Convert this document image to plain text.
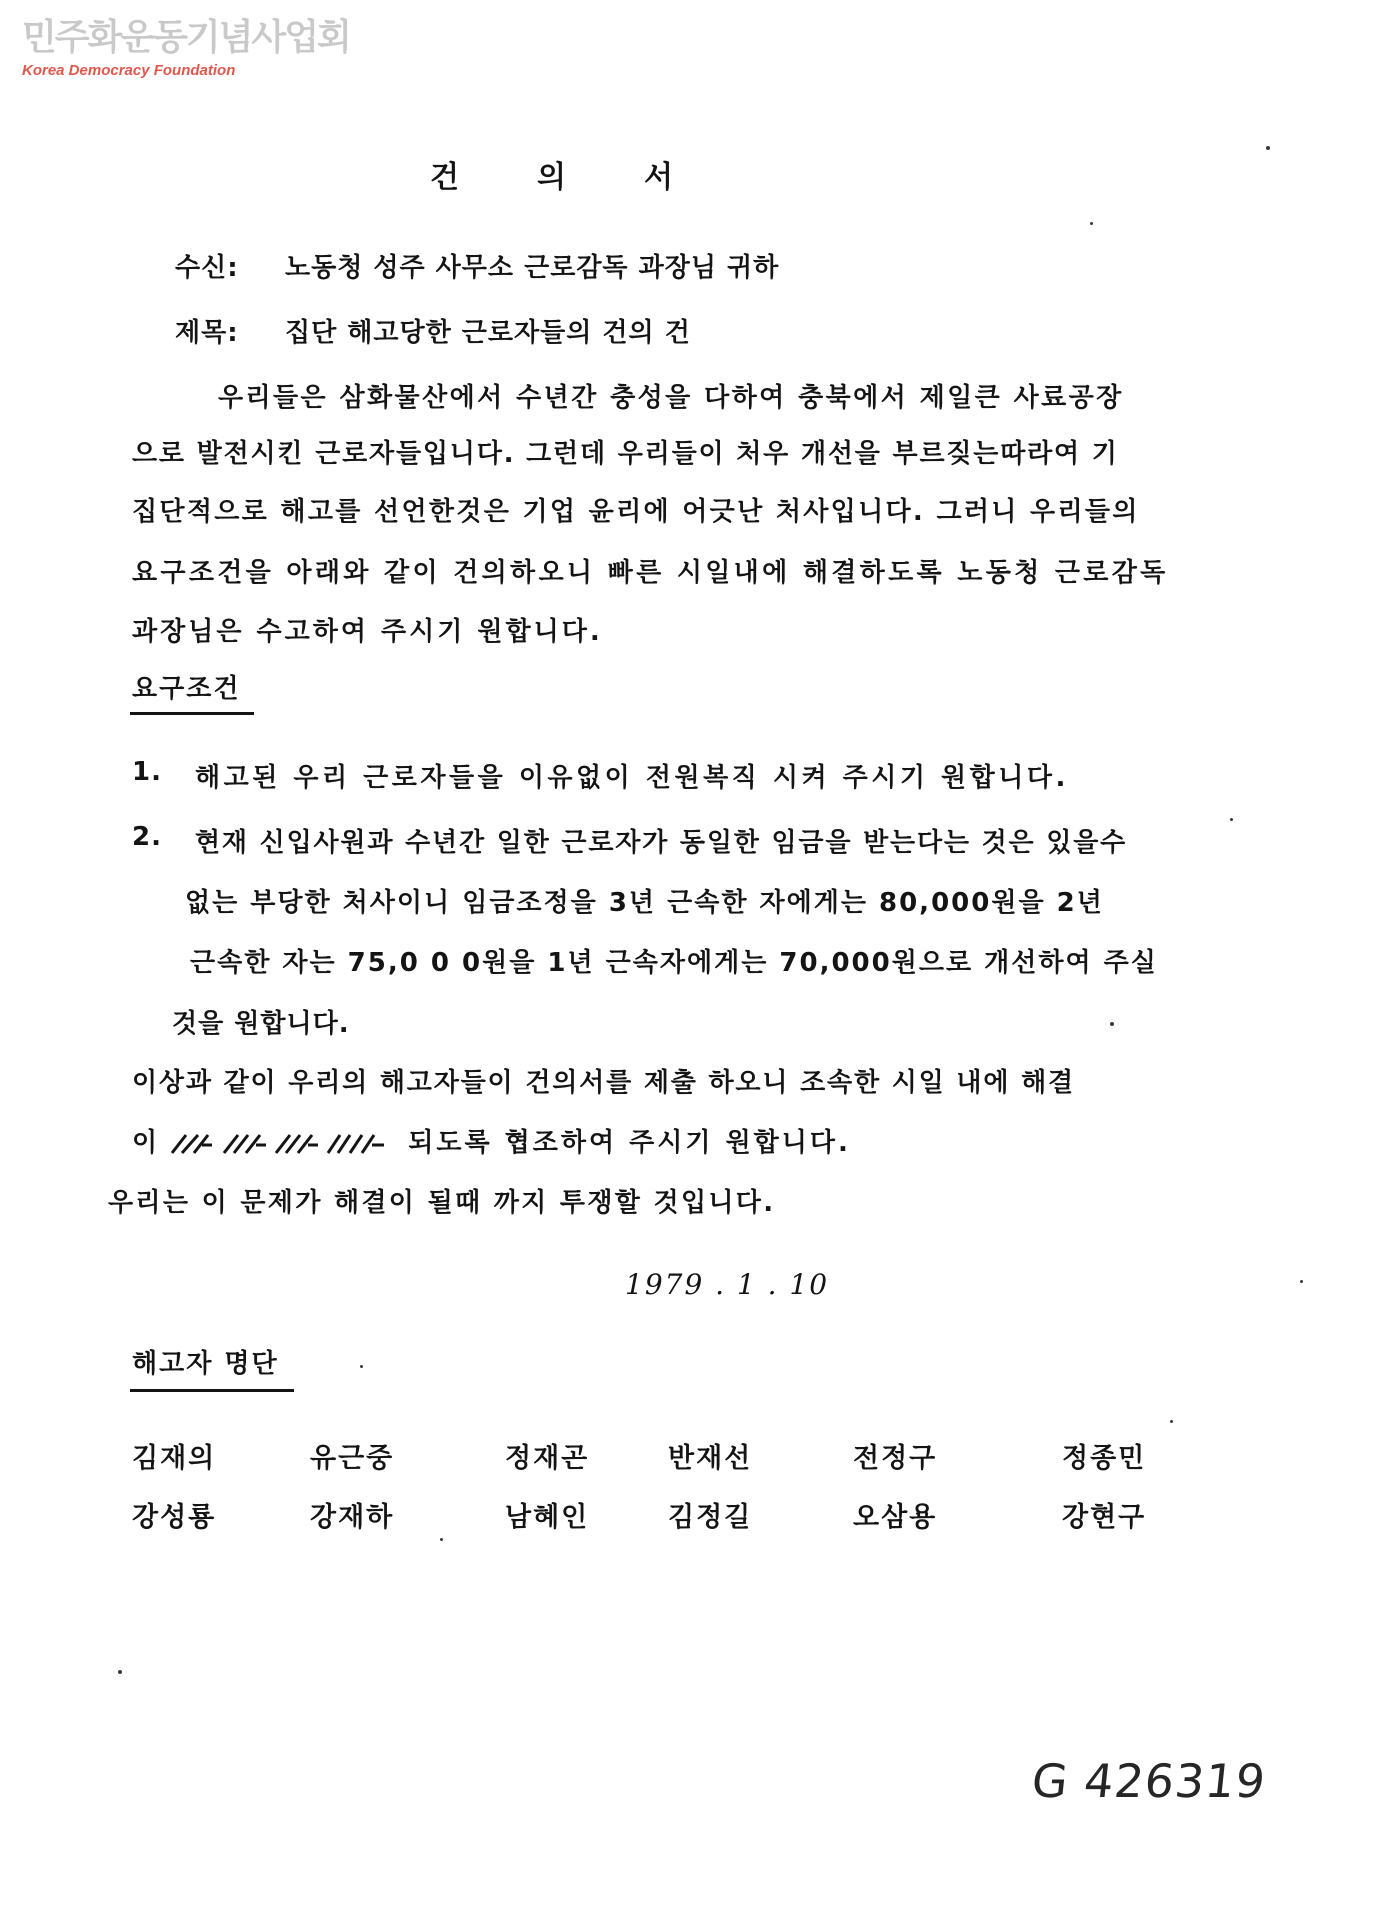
민주화운동기념사업회
Korea Democracy Foundation
건의서
수신: 노동청 성주 사무소 근로감독 과장님 귀하
제목: 집단 해고당한 근로자들의 건의 건
우리들은 삼화물산에서 수년간 충성을 다하여 충북에서 제일큰 사료공장
으로 발전시킨 근로자들입니다. 그런데 우리들이 처우 개선을 부르짖는따라여 기
집단적으로 해고를 선언한것은 기업 윤리에 어긋난 처사입니다. 그러니 우리들의
요구조건을 아래와 같이 건의하오니 빠른 시일내에 해결하도록 노동청 근로감독
과장님은 수고하여 주시기 원합니다.
요구조건
1. 해고된 우리 근로자들을 이유없이 전원복직 시켜 주시기 원합니다.
2. 현재 신입사원과 수년간 일한 근로자가 동일한 임금을 받는다는 것은 있을수
없는 부당한 처사이니 임금조정을 3년 근속한 자에게는 80,000원을 2년
근속한 자는 75,0 0 0원을 1년 근속자에게는 70,000원으로 개선하여 주실
것을 원합니다.
이상과 같이 우리의 해고자들이 건의서를 제출 하오니 조속한 시일 내에 해결
이	되도록 협조하여 주시기 원합니다.
우리는 이 문제가 해결이 될때 까지 투쟁할 것입니다.
1979 . 1 . 10
해고자 명단
김재의	유근중	정재곤	반재선	전정구	정종민
강성룡	강재하	남혜인	김정길	오삼용	강현구
G 426319
